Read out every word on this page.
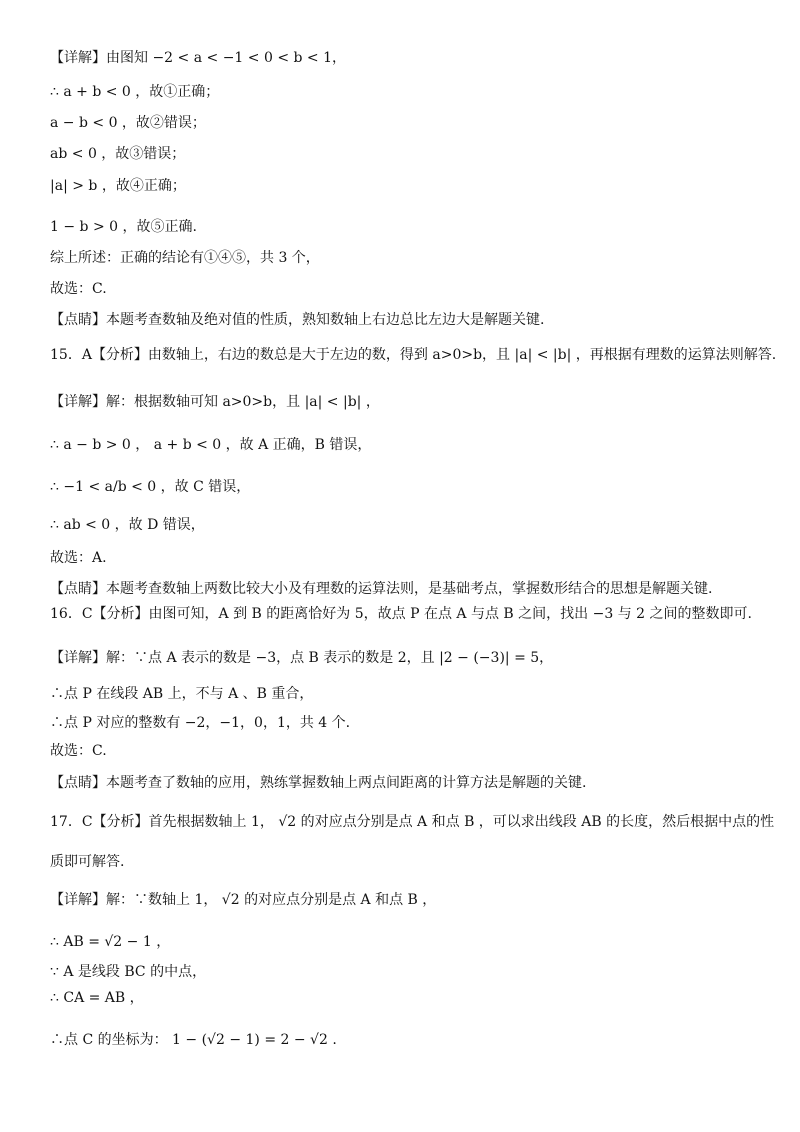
【详解】由图知 −2 < a < −1 < 0 < b < 1，
∴ a + b < 0 ，故①正确；
a − b < 0 ，故②错误；
ab < 0 ，故③错误；
|a| > b ，故④正确；
1 − b > 0 ，故⑤正确.
综上所述：正确的结论有①④⑤，共 3 个，
故选：C.
【点睛】本题考查数轴及绝对值的性质，熟知数轴上右边总比左边大是解题关键.
15．A【分析】由数轴上，右边的数总是大于左边的数，得到 a>0>b，且 |a| < |b| ，再根据有理数的运算法则解答.
【详解】解：根据数轴可知 a>0>b，且 |a| < |b| ，
∴ a − b > 0 ， a + b < 0 ，故 A 正确，B 错误，
∴ −1 < a/b < 0 ，故 C 错误，
∴ ab < 0 ，故 D 错误，
故选：A.
【点睛】本题考查数轴上两数比较大小及有理数的运算法则，是基础考点，掌握数形结合的思想是解题关键.
16．C【分析】由图可知，A 到 B 的距离恰好为 5，故点 P 在点 A 与点 B 之间，找出 −3 与 2 之间的整数即可.
【详解】解：∵点 A 表示的数是 −3，点 B 表示的数是 2，且 |2 − (−3)| = 5，
∴点 P 在线段 AB 上，不与 A 、B 重合，
∴点 P 对应的整数有 −2，−1，0，1，共 4 个.
故选：C.
【点睛】本题考查了数轴的应用，熟练掌握数轴上两点间距离的计算方法是解题的关键.
17．C【分析】首先根据数轴上 1， √2 的对应点分别是点 A 和点 B ，可以求出线段 AB 的长度，然后根据中点的性
质即可解答.
【详解】解：∵数轴上 1， √2 的对应点分别是点 A 和点 B ，
∴ AB = √2 − 1 ，
∵ A 是线段 BC 的中点，
∴ CA = AB ，
∴点 C 的坐标为： 1 − (√2 − 1) = 2 − √2 .
